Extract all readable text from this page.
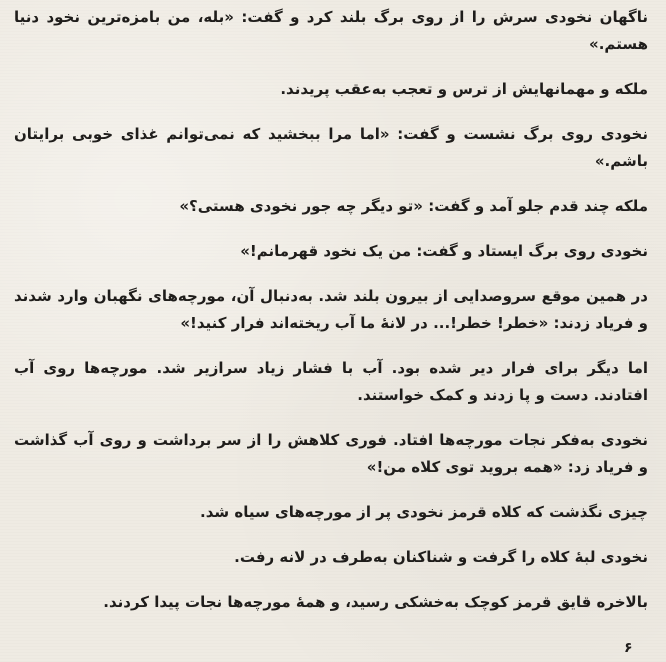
ناگهان نخودی سرش را از روی برگ بلند کرد و گفت: «بله، من بامزه‌ترین نخود دنیا هستم.»

ملکه و مهمانهایش از ترس و تعجب به‌عقب پریدند.

نخودی روی برگ نشست و گفت: «اما مرا ببخشید که نمی‌توانم غذای خوبی برایتان باشم.»

ملکه چند قدم جلو آمد و گفت: «تو دیگر چه جور نخودی هستی؟»

نخودی روی برگ ایستاد و گفت: من یک نخود قهرمانم!»

در همین موقع سروصدایی از بیرون بلند شد. به‌دنبال آن، مورچه‌های نگهبان وارد شدند و فریاد زدند: «خطر! خطر!... در لانهٔ ما آب ریخته‌اند فرار کنید!»

اما دیگر برای فرار دیر شده بود. آب با فشار زیاد سرازیر شد. مورچه‌ها روی آب افتادند. دست و پا زدند و کمک خواستند.

نخودی به‌فکر نجات مورچه‌ها افتاد. فوری کلاهش را از سر برداشت و روی آب گذاشت و فریاد زد: «همه بروید توی کلاه من!»

چیزی نگذشت که کلاه قرمز نخودی پر از مورچه‌های سیاه شد.

نخودی لبهٔ کلاه را گرفت و شناکنان به‌طرف در لانه رفت.

بالاخره قایق قرمز کوچک به‌خشکی رسید، و همهٔ مورچه‌ها نجات پیدا کردند.

۶
